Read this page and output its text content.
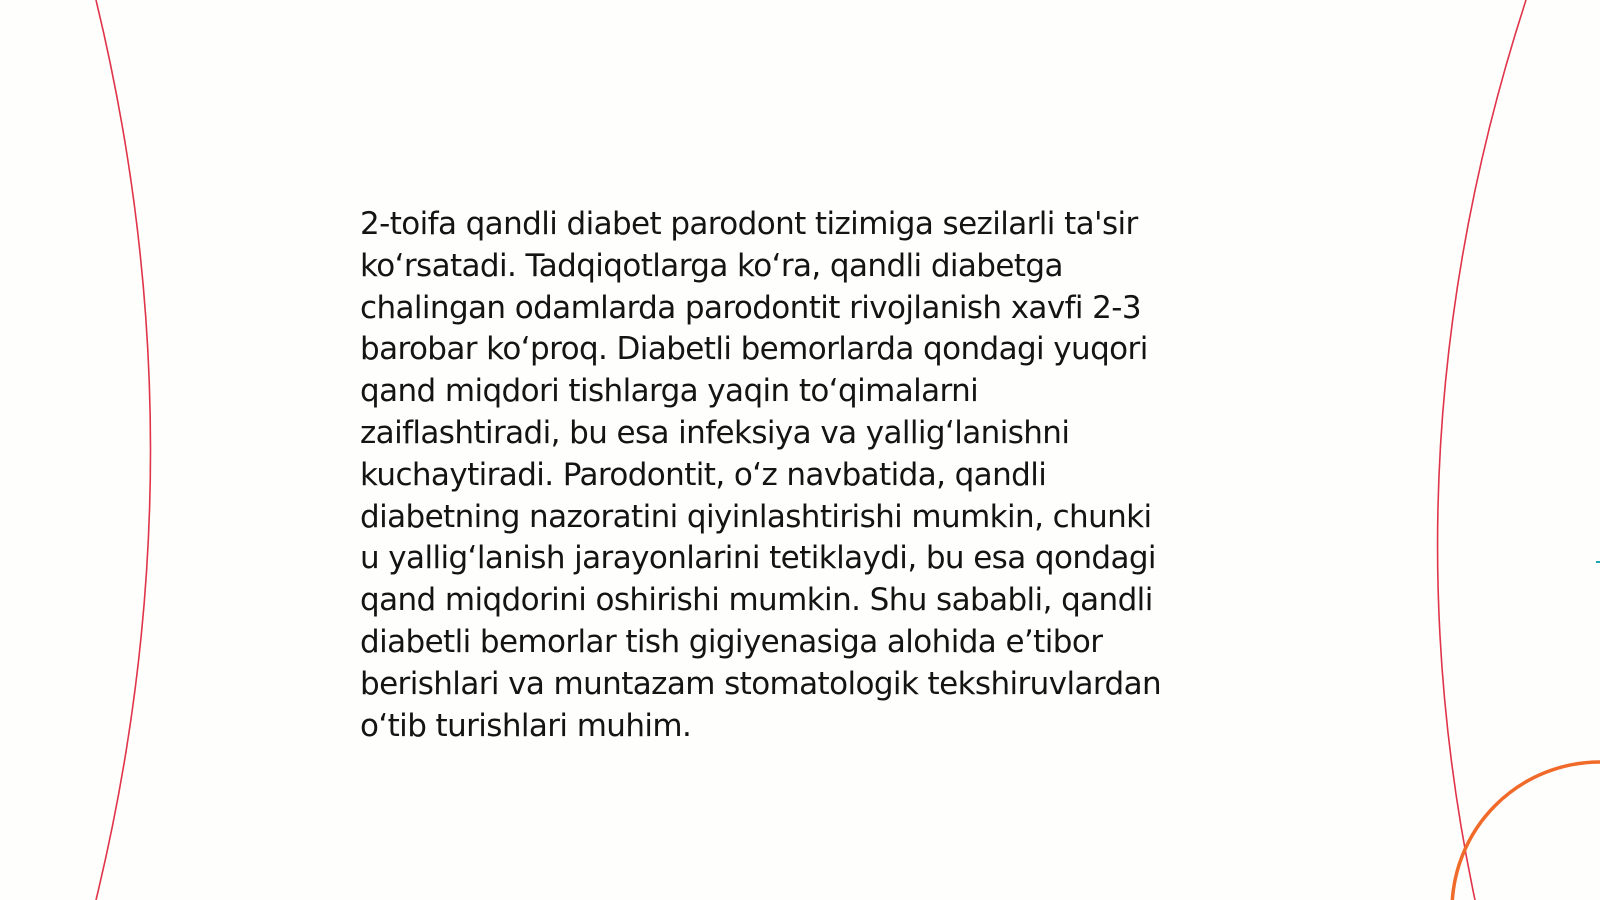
2-toifa qandli diabet parodont tizimiga sezilarli ta'sir
ko‘rsatadi. Tadqiqotlarga ko‘ra, qandli diabetga
chalingan odamlarda parodontit rivojlanish xavfi 2-3
barobar ko‘proq. Diabetli bemorlarda qondagi yuqori
qand miqdori tishlarga yaqin to‘qimalarni
zaiflashtiradi, bu esa infeksiya va yallig‘lanishni
kuchaytiradi. Parodontit, o‘z navbatida, qandli
diabetning nazoratini qiyinlashtirishi mumkin, chunki
u yallig‘lanish jarayonlarini tetiklaydi, bu esa qondagi
qand miqdorini oshirishi mumkin. Shu sababli, qandli
diabetli bemorlar tish gigiyenasiga alohida e’tibor
berishlari va muntazam stomatologik tekshiruvlardan
o‘tib turishlari muhim.
